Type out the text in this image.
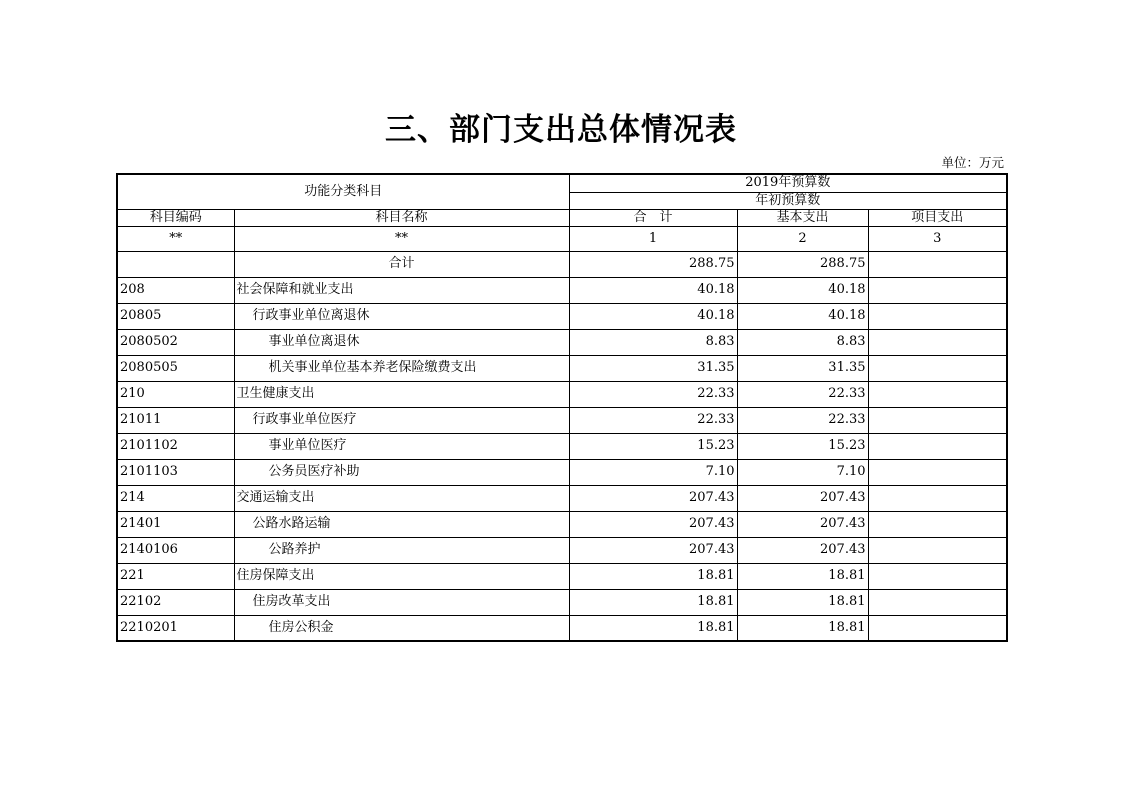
三、部门支出总体情况表
单位：万元
功能分类科目		2019年预算数		
		年初预算数		
科目编码	科目名称	合　计	基本支出	项目支出
**	**	1	2	3
	合计	288.75	288.75	
208	社会保障和就业支出	40.18	40.18	
20805	行政事业单位离退休	40.18	40.18	
2080502	事业单位离退休	8.83	8.83	
2080505	机关事业单位基本养老保险缴费支出	31.35	31.35	
210	卫生健康支出	22.33	22.33	
21011	行政事业单位医疗	22.33	22.33	
2101102	事业单位医疗	15.23	15.23	
2101103	公务员医疗补助	7.10	7.10	
214	交通运输支出	207.43	207.43	
21401	公路水路运输	207.43	207.43	
2140106	公路养护	207.43	207.43	
221	住房保障支出	18.81	18.81	
22102	住房改革支出	18.81	18.81	
2210201	住房公积金	18.81	18.81	
